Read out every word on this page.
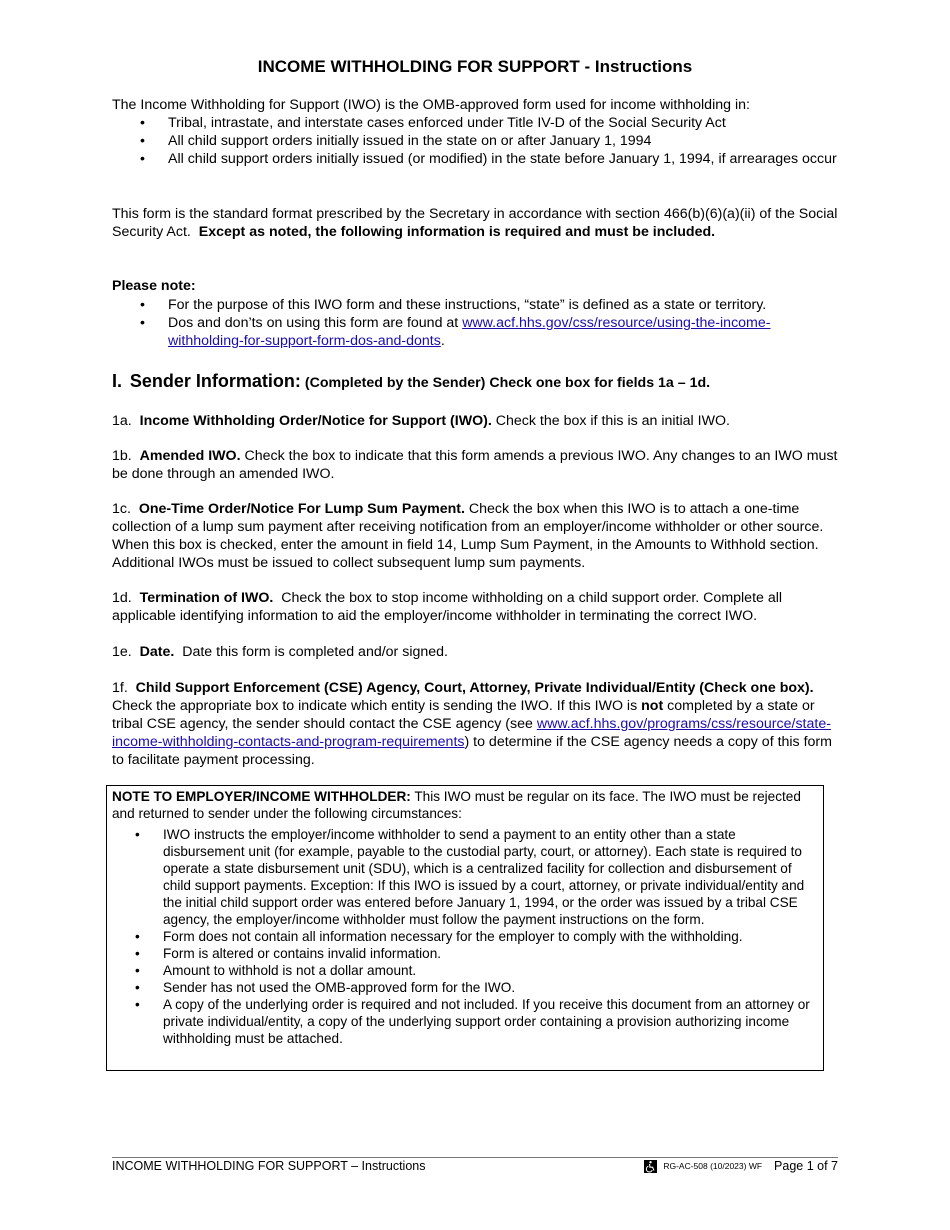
INCOME WITHHOLDING FOR SUPPORT - Instructions
The Income Withholding for Support (IWO) is the OMB-approved form used for income withholding in:
• Tribal, intrastate, and interstate cases enforced under Title IV-D of the Social Security Act
• All child support orders initially issued in the state on or after January 1, 1994
• All child support orders initially issued (or modified) in the state before January 1, 1994, if arrearages occur
This form is the standard format prescribed by the Secretary in accordance with section 466(b)(6)(a)(ii) of the Social Security Act. Except as noted, the following information is required and must be included.
Please note:
• For the purpose of this IWO form and these instructions, “state” is defined as a state or territory.
• Dos and don’ts on using this form are found at www.acf.hhs.gov/css/resource/using-the-income-withholding-for-support-form-dos-and-donts.
I. Sender Information: (Completed by the Sender) Check one box for fields 1a – 1d.
1a. Income Withholding Order/Notice for Support (IWO). Check the box if this is an initial IWO.
1b. Amended IWO. Check the box to indicate that this form amends a previous IWO. Any changes to an IWO must be done through an amended IWO.
1c. One-Time Order/Notice For Lump Sum Payment. Check the box when this IWO is to attach a one-time collection of a lump sum payment after receiving notification from an employer/income withholder or other source. When this box is checked, enter the amount in field 14, Lump Sum Payment, in the Amounts to Withhold section. Additional IWOs must be issued to collect subsequent lump sum payments.
1d. Termination of IWO. Check the box to stop income withholding on a child support order. Complete all applicable identifying information to aid the employer/income withholder in terminating the correct IWO.
1e. Date. Date this form is completed and/or signed.
1f. Child Support Enforcement (CSE) Agency, Court, Attorney, Private Individual/Entity (Check one box). Check the appropriate box to indicate which entity is sending the IWO. If this IWO is not completed by a state or tribal CSE agency, the sender should contact the CSE agency (see www.acf.hhs.gov/programs/css/resource/state-income-withholding-contacts-and-program-requirements) to determine if the CSE agency needs a copy of this form to facilitate payment processing.
NOTE TO EMPLOYER/INCOME WITHHOLDER: This IWO must be regular on its face. The IWO must be rejected and returned to sender under the following circumstances:
• IWO instructs the employer/income withholder to send a payment to an entity other than a state disbursement unit (for example, payable to the custodial party, court, or attorney). Each state is required to operate a state disbursement unit (SDU), which is a centralized facility for collection and disbursement of child support payments. Exception: If this IWO is issued by a court, attorney, or private individual/entity and the initial child support order was entered before January 1, 1994, or the order was issued by a tribal CSE agency, the employer/income withholder must follow the payment instructions on the form.
• Form does not contain all information necessary for the employer to comply with the withholding.
• Form is altered or contains invalid information.
• Amount to withhold is not a dollar amount.
• Sender has not used the OMB-approved form for the IWO.
• A copy of the underlying order is required and not included. If you receive this document from an attorney or private individual/entity, a copy of the underlying support order containing a provision authorizing income withholding must be attached.
INCOME WITHHOLDING FOR SUPPORT – Instructions	RG-AC-508 (10/2023) WF Page 1 of 7
